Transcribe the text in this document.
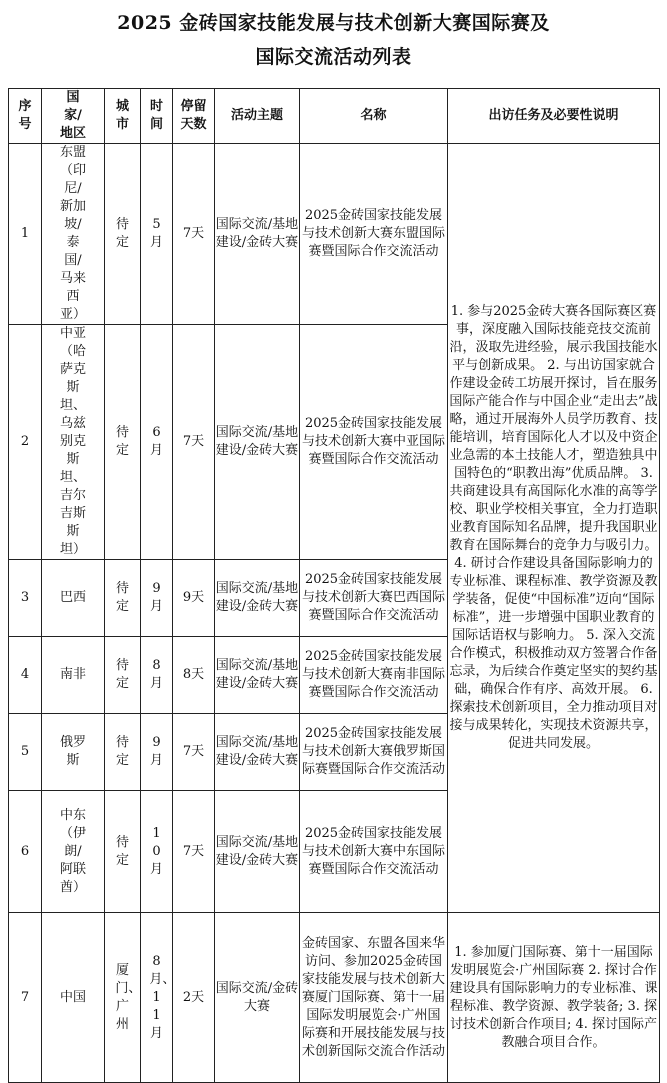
2025 金砖国家技能发展与技术创新大赛国际赛及
国际交流活动列表
序号	国家/地区	城市	时间	停留天数	活动主题	名称	出访任务及必要性说明
1	东盟（印尼/新加坡/泰国/马来西亚）	待定	5月	7天	国际交流/基地建设/金砖大赛	2025金砖国家技能发展与技术创新大赛东盟国际赛暨国际合作交流活动	1. 参与2025金砖大赛各国际赛区赛事，深度融入国际技能竞技交流前沿，汲取先进经验，展示我国技能水平与创新成果。 2. 与出访国家就合作建设金砖工坊展开探讨，旨在服务国际产能合作与中国企业“走出去”战略，通过开展海外人员学历教育、技能培训，培育国际化人才以及中资企业急需的本土技能人才，塑造独具中国特色的“职教出海”优质品牌。 3. 共商建设具有高国际化水准的高等学校、职业学校相关事宜，全力打造职业教育国际知名品牌，提升我国职业教育在国际舞台的竞争力与吸引力。 4. 研讨合作建设具备国际影响力的专业标准、课程标准、教学资源及教学装备，促使“中国标准”迈向“国际标准”，进一步增强中国职业教育的国际话语权与影响力。 5. 深入交流合作模式，积极推动双方签署合作备忘录，为后续合作奠定坚实的契约基础，确保合作有序、高效开展。 6. 探索技术创新项目，全力推动项目对接与成果转化，实现技术资源共享，促进共同发展。
2	中亚（哈萨克斯坦、乌兹别克斯坦、吉尔吉斯斯坦）	待定	6月	7天	国际交流/基地建设/金砖大赛	2025金砖国家技能发展与技术创新大赛中亚国际赛暨国际合作交流活动	
3	巴西	待定	9月	9天	国际交流/基地建设/金砖大赛	2025金砖国家技能发展与技术创新大赛巴西国际赛暨国际合作交流活动	
4	南非	待定	8月	8天	国际交流/基地建设/金砖大赛	2025金砖国家技能发展与技术创新大赛南非国际赛暨国际合作交流活动	
5	俄罗斯	待定	9月	7天	国际交流/基地建设/金砖大赛	2025金砖国家技能发展与技术创新大赛俄罗斯国际赛暨国际合作交流活动	
6	中东（伊朗/阿联酋）	待定	10月	7天	国际交流/基地建设/金砖大赛	2025金砖国家技能发展与技术创新大赛中东国际赛暨国际合作交流活动	
7	中国	厦门、广州	8月、11月	2天	国际交流/金砖大赛	金砖国家、东盟各国来华访问、参加2025金砖国家技能发展与技术创新大赛厦门国际赛、第十一届国际发明展览会·广州国际赛和开展技能发展与技术创新国际交流合作活动	1. 参加厦门国际赛、第十一届国际发明展览会·广州国际赛 2. 探讨合作建设具有国际影响力的专业标准、课程标准、教学资源、教学装备; 3. 探讨技术创新合作项目; 4. 探讨国际产教融合项目合作。
